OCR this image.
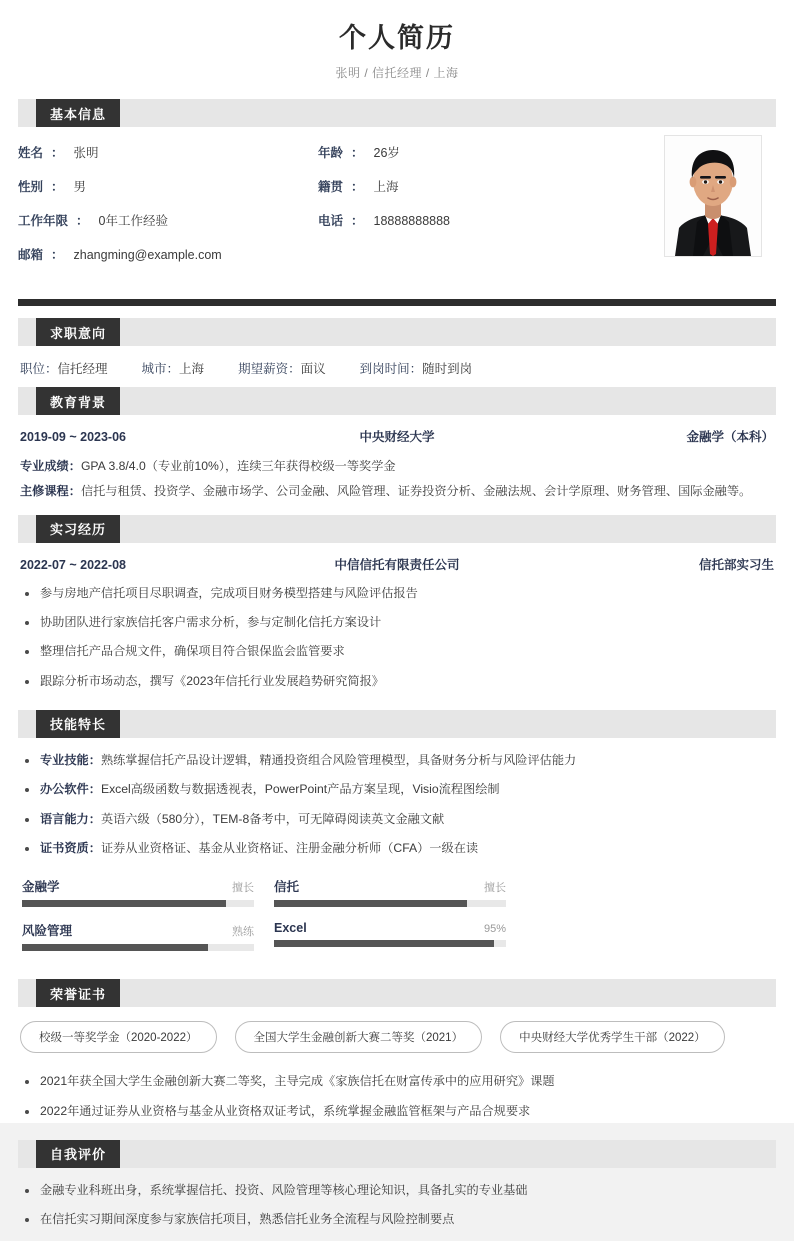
个人简历
张明 / 信托经理 / 上海
基本信息
姓名 ： 张明	年龄 ： 26岁
性别 ： 男	籍贯 ： 上海
工作年限 ： 0年工作经验	电话 ： 18888888888
邮箱 ： zhangming@example.com
求职意向
职位：信托经理	城市：上海	期望薪资：面议	到岗时间：随时到岗
教育背景
2019-09 ~ 2023-06	中央财经大学	金融学（本科）
专业成绩：GPA 3.8/4.0（专业前10%），连续三年获得校级一等奖学金
主修课程：信托与租赁、投资学、金融市场学、公司金融、风险管理、证券投资分析、金融法规、会计学原理、财务管理、国际金融等。
实习经历
2022-07 ~ 2022-08	中信信托有限责任公司	信托部实习生
参与房地产信托项目尽职调查，完成项目财务模型搭建与风险评估报告
协助团队进行家族信托客户需求分析，参与定制化信托方案设计
整理信托产品合规文件，确保项目符合银保监会监管要求
跟踪分析市场动态，撰写《2023年信托行业发展趋势研究简报》
技能特长
专业技能：熟练掌握信托产品设计逻辑，精通投资组合风险管理模型，具备财务分析与风险评估能力
办公软件：Excel高级函数与数据透视表，PowerPoint产品方案呈现，Visio流程图绘制
语言能力：英语六级（580分），TEM-8备考中，可无障碍阅读英文金融文献
证书资质：证券从业资格证、基金从业资格证、注册金融分析师（CFA）一级在读
金融学	擅长 信托	擅长
风险管理	熟练 Excel	95%
荣誉证书
校级一等奖学金（2020-2022）	全国大学生金融创新大赛二等奖（2021）	中央财经大学优秀学生干部（2022）
2021年获全国大学生金融创新大赛二等奖，主导完成《家族信托在财富传承中的应用研究》课题
2022年通过证券从业资格与基金从业资格双证考试，系统掌握金融监管框架与产品合规要求
自我评价
金融专业科班出身，系统掌握信托、投资、风险管理等核心理论知识，具备扎实的专业基础
在信托实习期间深度参与家族信托项目，熟悉信托业务全流程与风险控制要点
